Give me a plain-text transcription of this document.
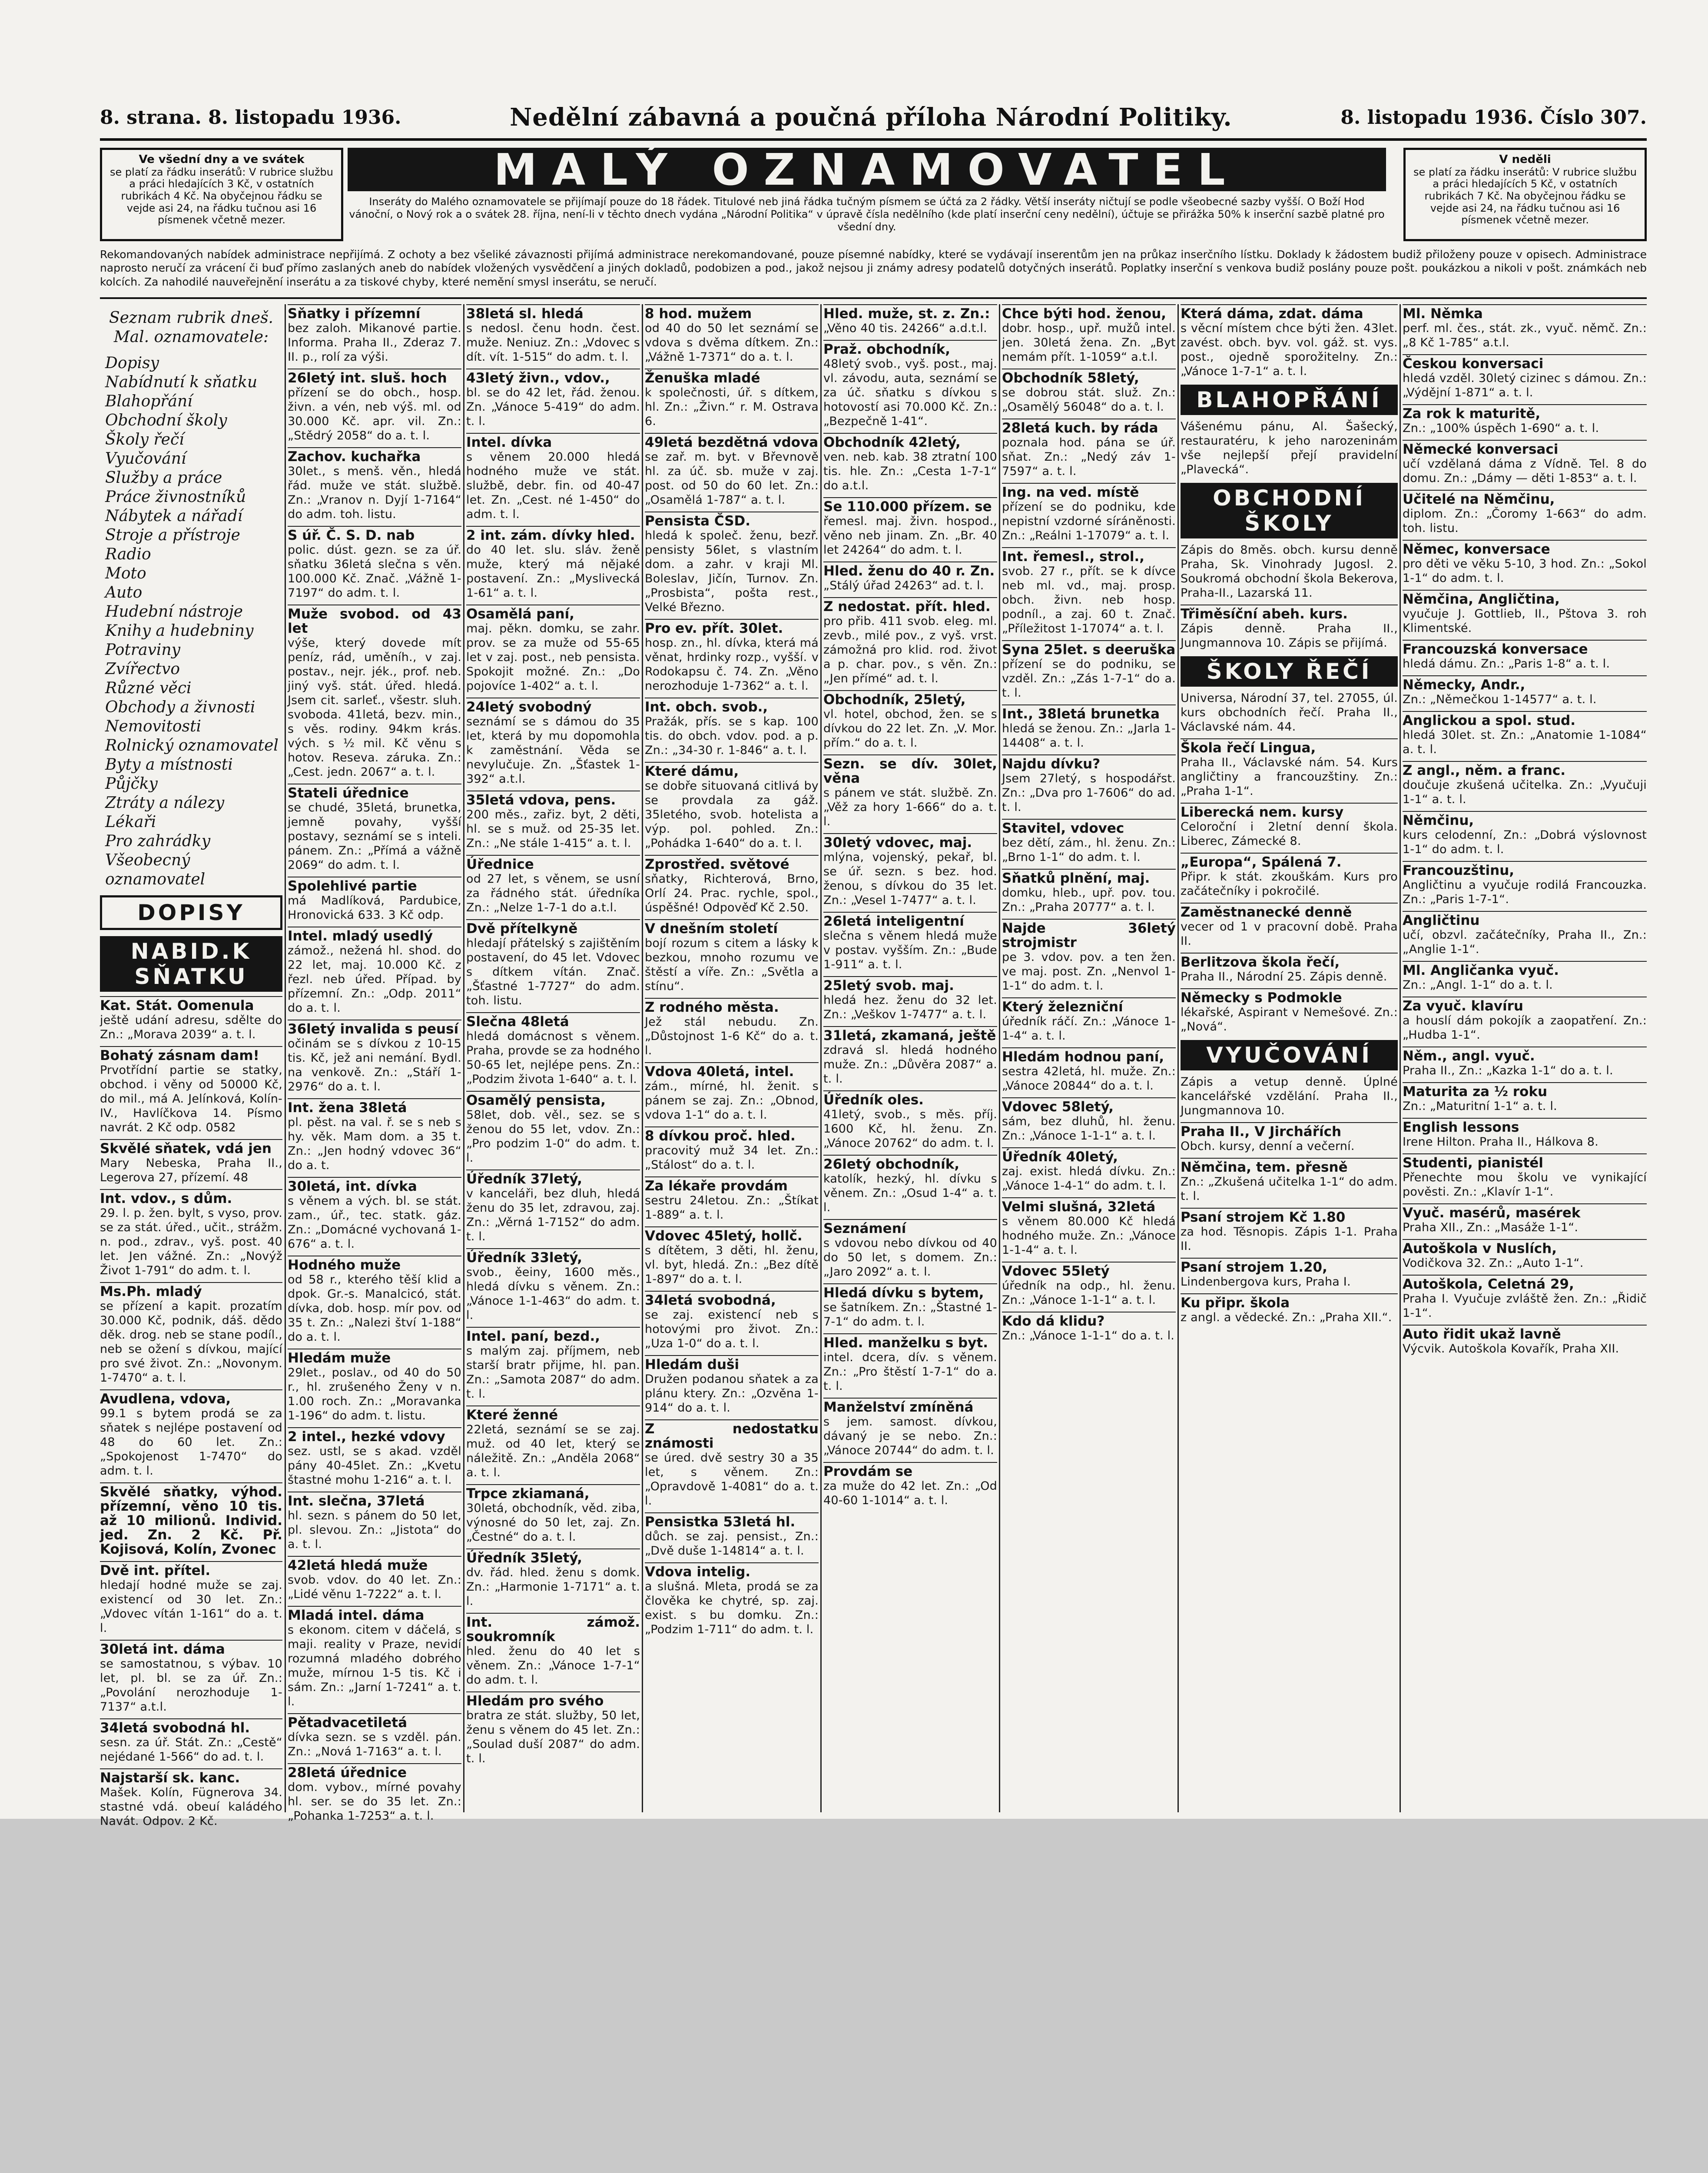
8. strana. 8. listopadu 1936.	Nedělní zábavná a poučná příloha Národní Politiky.	8. listopadu 1936. Číslo 307.
Ve všední dny a ve svátek
se platí za řádku inserátů: V rubrice službu a práci hledajících 3 Kč, v ostatních rubrikách 4 Kč. Na obyčejnou řádku se vejde asi 24, na řádku tučnou asi 16 písmenek včetně mezer.
MALÝ OZNAMOVATEL
Inseráty do Malého oznamovatele se přijímají pouze do 18 řádek. Titulové neb jiná řádka tučným písmem se účtá za 2 řádky. Větší inseráty ničtují se podle všeobecné sazby vyšší. O Boží Hod vánoční, o Nový rok a o svátek 28. října, není-li v těchto dnech vydána „Národní Politika“ v úpravě čísla nedělního (kde platí inserční ceny nedělní), účtuje se přirážka 50% k inserční sazbě platné pro všední dny.
V neděli
se platí za řádku inserátů: V rubrice službu a práci hledajících 5 Kč, v ostatních rubrikách 7 Kč. Na obyčejnou řádku se vejde asi 24, na řádku tučnou asi 16 písmenek včetně mezer.
Rekomandovaných nabídek administrace nepřijímá. Z ochoty a bez všeliké závaznosti přijímá administrace nerekomandované, pouze písemné nabídky, které se vydávají inserentům jen na průkaz inserčního lístku. Doklady k žádostem budiž přiloženy pouze v opisech. Administrace naprosto neručí za vrácení či buď přímo zaslaných aneb do nabídek vložených vysvědčení a jiných dokladů, podobizen a pod., jakož nejsou ji známy adresy podatelů dotyčných inserátů. Poplatky inserční s venkova budiž poslány pouze pošt. poukázkou a nikoli v pošt. známkách neb kolcích. Za nahodilé nauveřejnění inserátu a za tiskové chyby, které nemění smysl inserátu, se neručí.
Seznam rubrik dneš. Mal. oznamovatele:
Dopisy
Nabídnutí k sňatku
Blahopřání
Obchodní školy
Školy řečí
Vyučování
Služby a práce
Práce živnostníků
Nábytek a nářadí
Stroje a přístroje
Radio
Moto
Auto
Hudební nástroje
Knihy a hudebniny
Potraviny
Zvířectvo
Různé věci
Obchody a živnosti
Nemovitosti
Rolnický oznamovatel
Byty a místnosti
Půjčky
Ztráty a nálezy
Lékaři
Pro zahrádky
Všeobecný oznamovatel
DOPISY
NABID.K SŇATKU
Kat. Stát. Oomenula
ještě udání adresu, sdělte do Zn.: „Morava 2039“ a. t. l.
Bohatý zásnam dam!
Prvotřídní partie se statky, obchod. i věny od 50000 Kč, do mil., má A. Jelínková, Kolín-IV., Havlíčkova 14. Písmo navrát. 2 Kč odp. 0582
Skvělé sňatek, vdá jen
Mary Nebeska, Praha II., Legerova 27, přízemí. 48
Int. vdov., s dům.
29. l. p. žen. bylt, s vyso, prov. se za stát. úřed., učit., strážm. n. pod., zdrav., vyš. post. 40 let. Jen vážné. Zn.: „Novýž Život 1-791“ do adm. t. l.
Ms.Ph. mladý
se přízení a kapit. prozatím 30.000 Kč, podnik, dáš. dědo děk. drog. neb se stane podíl., neb se ožení s dívkou, mající pro své život. Zn.: „Novonym. 1-7470“ a. t. l.
Avudlena, vdova,
99.1 s bytem prodá se za sňatek s nejlépe postavení od 48 do 60 let. Zn.: „Spokojenost 1-7470“ do adm. t. l.
Skvělé sňatky, výhod. přízemní, věno 10 tis. až 10 milionů. Individ. jed. Zn. 2 Kč. Př. Kojisová, Kolín, Zvonec
Dvě int. přítel.
hledají hodné muže se zaj. existencí od 30 let. Zn.: „Vdovec vítán 1-161“ do a. t. l.
30letá int. dáma
se samostatnou, s výbav. 10 let, pl. bl. se za úř. Zn.: „Povolání nerozhoduje 1-7137“ a.t.l.
34letá svobodná hl.
sesn. za úř. Stát. Zn.: „Cestě“ nejédané 1-566“ do ad. t. l.
Najstarší sk. kanc.
Mašek. Kolín, Fügnerova 34. stastné vdá. obeuí kaládého Navát. Odpov. 2 Kč.
Sňatky i přízemní
bez zaloh. Mikanové partie. Informa. Praha II., Zderaz 7. II. p., rolí za výši.
26letý int. sluš. hoch
přízení se do obch., hosp. živn. a vén, neb výš. ml. od 30.000 Kč. apr. vil. Zn.: „Stědrý 2058“ do a. t. l.
Zachov. kuchařka
30let., s menš. věn., hledá řád. muže ve stát. službě. Zn.: „Vranov n. Dyjí 1-7164“ do adm. toh. listu.
S úř. Č. S. D. nab
polic. dúst. gezn. se za úř. sňatku 36letá slečna s věn. 100.000 Kč. Znač. „Vážně 1-7197“ do adm. t. l.
Muže svobod. od 43 let
výše, který dovede mít peníz, rád, uměníh., v zaj. postav., nejr. jék., prof. neb. jiný vyš. stát. úřed. hledá. Jsem cit. sarleť., všestr. sluh. svoboda. 41letá, bezv. min., s věs. rodiny. 94km krás. vých. s ½ mil. Kč věnu s hotov. Reseva. záruka. Zn.: „Cest. jedn. 2067“ a. t. l.
Stateli úřednice
se chudé, 35letá, brunetka, jemně povahy, vyšší postavy, seznámí se s inteli. pánem. Zn.: „Přímá a vážně 2069“ do adm. t. l.
Spolehlivé partie
má Madlíková, Pardubice, Hronovická 633. 3 Kč odp.
Intel. mladý usedlý
zámož., nežená hl. shod. do 22 let, maj. 10.000 Kč. z řezl. neb úřed. Případ. by přízemní. Zn.: „Odp. 2011“ do a. t. l.
36letý invalida s peusí
očinám se s dívkou z 10-15 tis. Kč, jež ani nemání. Bydl. na venkově. Zn.: „Stáří 1-2976“ do a. t. l.
Int. žena 38letá
pl. pěst. na val. ř. se s neb s hy. věk. Mam dom. a 35 t. Zn.: „Jen hodný vdovec 36“ do a. t.
30letá, int. dívka
s věnem a vých. bl. se stát. zam., úř., tec. statk. gáz. Zn.: „Domácné vychovaná 1-676“ a. t. l.
Hodného muže
od 58 r., kterého těší klid a dpok. Gr.-s. Manalcicó, stát. dívka, dob. hosp. mír pov. od 35 t. Zn.: „Nalezi štví 1-188“ do a. t. l.
Hledám muže
29let., poslav., od 40 do 50 r., hl. zrušeného Ženy v n. 1.00 roch. Zn.: „Moravanka 1-196“ do adm. t. listu.
2 intel., hezké vdovy
sez. ustl, se s akad. vzděl pány 40-45let. Zn.: „Kvetu štastné mohu 1-216“ a. t. l.
Int. slečna, 37letá
hl. sezn. s pánem do 50 let, pl. slevou. Zn.: „Jistota“ do a. t. l.
42letá hledá muže
svob. vdov. do 40 let. Zn.: „Lidé věnu 1-7222“ a. t. l.
Mladá intel. dáma
s ekonom. citem v dáčelá, s maji. reality v Praze, nevidí rozumná mladého dobrého muže, mírnou 1-5 tis. Kč i sám. Zn.: „Jarní 1-7241“ a. t. l.
Pětadvacetiletá
dívka sezn. se s vzděl. pán. Zn.: „Nová 1-7163“ a. t. l.
28letá úřednice
dom. vybov., mírné povahy hl. ser. se do 35 let. Zn.: „Pohanka 1-7253“ a. t. l.
38letá sl. hledá
s nedosl. čenu hodn. čest. muže. Neniuz. Zn.: „Vdovec s dít. vít. 1-515“ do adm. t. l.
43letý živn., vdov.,
bl. se do 42 let, řád. ženou. Zn. „Vánoce 5-419“ do adm. t. l.
Intel. dívka
s věnem 20.000 hledá hodného muže ve stát. službě, debr. fin. od 40-47 let. Zn. „Cest. né 1-450“ do adm. t. l.
2 int. zám. dívky hled.
do 40 let. slu. sláv. ženě muže, který má nějaké postavení. Zn.: „Myslivecká 1-61“ a. t. l.
Osamělá paní,
maj. pěkn. domku, se zahr. prov. se za muže od 55-65 let v zaj. post., neb pensista. Spokojit možné. Zn.: „Do pojovíce 1-402“ a. t. l.
24letý svobodný
seznámí se s dámou do 35 let, která by mu dopomohla k zaměstnání. Věda se nevylučuje. Zn. „Šťastek 1-392“ a.t.l.
35letá vdova, pens.
200 měs., zařiz. byt, 2 děti, hl. se s muž. od 25-35 let. Zn.: „Ne stále 1-415“ a. t. l.
Úřednice
od 27 let, s věnem, se usní za řádného stát. úředníka Zn.: „Nelze 1-7-1 do a.t.l.
Dvě přítelkyně
hledají přátelský s zajištěním postavení, do 45 let. Vdovec s dítkem vítán. Znač. „Šťastné 1-7727“ do adm. toh. listu.
Slečna 48letá
hledá domácnost s věnem. Praha, provde se za hodného 50-65 let, nejlépe pens. Zn.: „Podzim života 1-640“ a. t. l.
Osamělý pensista,
58let, dob. věl., sez. se s ženou do 55 let, vdov. Zn.: „Pro podzim 1-0“ do adm. t. l.
Úředník 37letý,
v kanceláři, bez dluh, hledá ženu do 35 let, zdravou, zaj. Zn.: „Věrná 1-7152“ do adm. t. l.
Úředník 33letý,
svob., ěeiny, 1600 měs., hledá dívku s věnem. Zn.: „Vánoce 1-1-463“ do adm. t. l.
Intel. paní, bezd.,
s malým zaj. příjmem, neb starší bratr přijme, hl. pan. Zn.: „Samota 2087“ do adm. t. l.
Které ženné
22letá, seznámí se se zaj. muž. od 40 let, který se náležitě. Zn.: „Anděla 2068“ a. t. l.
Trpce zkiamaná,
30letá, obchodník, věd. ziba, výnosné do 50 let, zaj. Zn. „Čestné“ do a. t. l.
Úředník 35letý,
dv. řád. hled. ženu s domk. Zn.: „Harmonie 1-7171“ a. t. l.
Int. zámož. soukromník
hled. ženu do 40 let s věnem. Zn.: „Vánoce 1-7-1“ do adm. t. l.
Hledám pro svého
bratra ze stát. služby, 50 let, ženu s věnem do 45 let. Zn.: „Soulad duší 2087“ do adm. t. l.
8 hod. mužem
od 40 do 50 let seznámí se vdova s dvěma dítkem. Zn.: „Vážně 1-7371“ do a. t. l.
Ženuška mladé
k společnosti, úř. s dítkem, hl. Zn.: „Živn.“ r. M. Ostrava 6.
49letá bezdětná vdova
se zař. m. byt. v Břevnově hl. za úč. sb. muže v zaj. post. od 50 do 60 let. Zn.: „Osamělá 1-787“ a. t. l.
Pensista ČSD.
hledá k společ. ženu, bezř. pensisty 56let, s vlastním dom. a zahr. v kraji Ml. Boleslav, Jičín, Turnov. Zn. „Prosbista“, pošta rest., Velké Březno.
Pro ev. přít. 30let.
hosp. zn., hl. dívka, která má věnat, hrdinky rozp., vyšší. v Rodokapsu č. 74. Zn. „Věno nerozhoduje 1-7362“ a. t. l.
Int. obch. svob.,
Pražák, přís. se s kap. 100 tis. do obch. vdov. pod. a p. Zn.: „34-30 r. 1-846“ a. t. l.
Které dámu,
se dobře situovaná citlivá by se provdala za gáž. 35letého, svob. hotelista a výp. pol. pohled. Zn.: „Pohádka 1-640“ do a. t. l.
Zprostřed. světové
sňatky, Richterová, Brno, Orlí 24. Prac. rychle, spol., úspěšné! Odpověď Kč 2.50.
V dnešním století
bojí rozum s citem a lásky k bezkou, mnoho rozumu ve štěstí a víře. Zn.: „Světla a stínu“.
Z rodného města.
Jež stál nebudu. Zn. „Důstojnost 1-6 Kč“ do a. t. l.
Vdova 40letá, intel.
zám., mírné, hl. ženit. s pánem se zaj. Zn.: „Obnod, vdova 1-1“ do a. t. l.
8 dívkou proč. hled.
pracovitý muž 34 let. Zn.: „Stálost“ do a. t. l.
Za lékaře provdám
sestru 24letou. Zn.: „Štíkat 1-889“ a. t. l.
Vdovec 45letý, hollč.
s dítětem, 3 děti, hl. ženu, vl. byt, hledá. Zn.: „Bez dítě 1-897“ do a. t. l.
34letá svobodná,
se zaj. existencí neb s hotovými pro život. Zn.: „Uza 1-0“ do a. t. l.
Hledám duši
Družen podanou sňatek a za plánu ktery. Zn.: „Ozvěna 1-914“ do a. t. l.
Z nedostatku známosti
se úred. dvě sestry 30 a 35 let, s věnem. Zn.: „Opravdově 1-4081“ do a. t. l.
Pensistka 53letá hl.
důch. se zaj. pensist., Zn.: „Dvě duše 1-14814“ a. t. l.
Vdova intelig.
a slušná. Mleta, prodá se za člověka ke chytré, sp. zaj. exist. s bu domku. Zn.: „Podzim 1-711“ do adm. t. l.
Hled. muže, st. z. Zn.:
„Věno 40 tis. 24266“ a.d.t.l.
Praž. obchodník,
48letý svob., vyš. post., maj. vl. závodu, auta, seznámí se za úč. sňatku s dívkou s hotovostí asi 70.000 Kč. Zn.: „Bezpečně 1-41“.
Obchodník 42letý,
ven. neb. kab. 38 ztratní 100 tis. hle. Zn.: „Cesta 1-7-1“ do a.t.l.
Se 110.000 přízem. se
řemesl. maj. živn. hospod., věno neb jinam. Zn. „Br. 40 let 24264“ do adm. t. l.
Hled. ženu do 40 r. Zn.
„Stálý úřad 24263“ ad. t. l.
Z nedostat. přít. hled.
pro přib. 411 svob. eleg. ml. zevb., milé pov., z vyš. vrst. zámožná pro klid. rod. život a p. char. pov., s věn. Zn.: „Jen přímé“ ad. t. l.
Obchodník, 25letý,
vl. hotel, obchod, žen. se s dívkou do 22 let. Zn. „V. Mor. přím.“ do a. t. l.
Sezn. se dív. 30let, věna
s pánem ve stát. službě. Zn. „Věž za hory 1-666“ do a. t. l.
30letý vdovec, maj.
mlýna, vojenský, pekař, bl. se úř. sezn. s bez. hod. ženou, s dívkou do 35 let. Zn.: „Vesel 1-7477“ a. t. l.
26letá inteligentní
slečna s věnem hledá muže v postav. vyšším. Zn.: „Bude 1-911“ a. t. l.
25letý svob. maj.
hledá hez. ženu do 32 let. Zn.: „Veškov 1-7477“ a. t. l.
31letá, zkamaná, ještě
zdravá sl. hledá hodného muže. Zn.: „Důvěra 2087“ a. t. l.
Úředník oles.
41letý, svob., s měs. příj. 1600 Kč, hl. ženu. Zn. „Vánoce 20762“ do adm. t. l.
26letý obchodník,
katolík, hezký, hl. dívku s věnem. Zn.: „Osud 1-4“ a. t. l.
Seznámení
s vdovou nebo dívkou od 40 do 50 let, s domem. Zn.: „Jaro 2092“ a. t. l.
Hledá dívku s bytem,
se šatníkem. Zn.: „Štastné 1-7-1“ do adm. t. l.
Hled. manželku s byt.
intel. dcera, dív. s věnem. Zn.: „Pro štěstí 1-7-1“ do a. t. l.
Manželství zmíněná
s jem. samost. dívkou, dávaný je se nebo. Zn.: „Vánoce 20744“ do adm. t. l.
Provdám se
za muže do 42 let. Zn.: „Od 40-60 1-1014“ a. t. l.
Chce býti hod. ženou,
dobr. hosp., upř. mužů intel. jen. 30letá žena. Zn. „Byt nemám přít. 1-1059“ a.t.l.
Obchodník 58letý,
se dobrou stát. služ. Zn.: „Osamělý 56048“ do a. t. l.
28letá kuch. by ráda
poznala hod. pána se úř. sňat. Zn.: „Nedý záv 1-7597“ a. t. l.
Ing. na ved. místě
přízení se do podniku, kde nepistní vzdorné síráněnosti. Zn.: „Reálni 1-17079“ a. t. l.
Int. řemesl., strol.,
svob. 27 r., přít. se k dívce neb ml. vd., maj. prosp. obch. živn. neb hosp. podníl., a zaj. 60 t. Znač. „Příležitost 1-17074“ a. t. l.
Syna 25let. s deeruška
přízení se do podniku, se vzděl. Zn.: „Zás 1-7-1“ do a. t. l.
Int., 38letá brunetka
hledá se ženou. Zn.: „Jarla 1-14408“ a. t. l.
Najdu dívku?
Jsem 27letý, s hospodářst. Zn.: „Dva pro 1-7606“ do ad. t. l.
Stavitel, vdovec
bez dětí, zám., hl. ženu. Zn.: „Brno 1-1“ do adm. t. l.
Sňatků plnění, maj.
domku, hleb., upř. pov. tou. Zn.: „Praha 20777“ a. t. l.
Najde 36letý strojmistr
pe 3. vdov. pov. a ten žen. ve maj. post. Zn. „Nenvol 1-1-1“ do adm. t. l.
Který železniční
úředník ráčí. Zn.: „Vánoce 1-1-4“ a. t. l.
Hledám hodnou paní,
sestra 42letá, hl. muže. Zn.: „Vánoce 20844“ do a. t. l.
Vdovec 58letý,
sám, bez dluhů, hl. ženu. Zn.: „Vánoce 1-1-1“ a. t. l.
Úředník 40letý,
zaj. exist. hledá dívku. Zn.: „Vánoce 1-4-1“ do adm. t. l.
Velmi slušná, 32letá
s věnem 80.000 Kč hledá hodného muže. Zn.: „Vánoce 1-1-4“ a. t. l.
Vdovec 55letý
úředník na odp., hl. ženu. Zn.: „Vánoce 1-1-1“ a. t. l.
Kdo dá klidu?
Zn.: „Vánoce 1-1-1“ do a. t. l.
Která dáma, zdat. dáma
s věcní místem chce býti žen. 43let. zavést. obch. byv. vol. gáž. st. vys. post., ojedně sporožitelny. Zn.: „Vánoce 1-7-1“ a. t. l.
BLAHOPŘÁNÍ
Vášenému pánu, Al. Šašecký, restauratéru, k jeho narozeninám vše nejlepší přejí pravidelní „Plavecká“.
OBCHODNÍ ŠKOLY
Zápis do 8měs. obch. kursu denně Praha, Sk. Vinohrady Jugosl. 2. Soukromá obchodní škola Bekerova, Praha-II., Lazarská 11.
Třiměsíční abeh. kurs.
Zápis denně. Praha II., Jungmannova 10. Zápis se přijímá.
ŠKOLY ŘEČÍ
Universa, Národní 37, tel. 27055, úl. kurs obchodních řečí. Praha II., Václavské nám. 44.
Škola řečí Lingua,
Praha II., Václavské nám. 54. Kurs angličtiny a francouzštiny. Zn.: „Praha 1-1“.
Liberecká nem. kursy
Celoroční i 2letní denní škola. Liberec, Zámecké 8.
„Europa“, Spálená 7.
Připr. k stát. zkouškám. Kurs pro začátečníky i pokročilé.
Zaměstnanecké denně
vecer od 1 v pracovní době. Praha II.
Berlitzova škola řečí,
Praha II., Národní 25. Zápis denně.
Německy s Podmokle
lékařské, Aspirant v Nemešové. Zn.: „Nová“.
VYUČOVÁNÍ
Zápis a vetup denně. Úplné kancelářské vzdělání. Praha II., Jungmannova 10.
Praha II., V Jirchářích
Obch. kursy, denní a večerní.
Němčina, tem. přesně
Zn.: „Zkušená učitelka 1-1“ do adm. t. l.
Psaní strojem Kč 1.80
za hod. Těsnopis. Zápis 1-1. Praha II.
Psaní strojem 1.20,
Lindenbergova kurs, Praha I.
Ku připr. škola
z angl. a vědecké. Zn.: „Praha XII.“.
Ml. Němka
perf. ml. čes., stát. zk., vyuč. němč. Zn.: „8 Kč 1-785“ a.t.l.
Českou konversaci
hledá vzděl. 30letý cizinec s dámou. Zn.: „Výdějní 1-871“ a. t. l.
Za rok k maturitě,
Zn.: „100% úspěch 1-690“ a. t. l.
Německé konversaci
učí vzdělaná dáma z Vídně. Tel. 8 do domu. Zn.: „Dámy — děti 1-853“ a. t. l.
Učitelé na Němčinu,
diplom. Zn.: „Čoromy 1-663“ do adm. toh. listu.
Němec, konversace
pro děti ve věku 5-10, 3 hod. Zn.: „Sokol 1-1“ do adm. t. l.
Němčina, Angličtina,
vyučuje J. Gottlieb, II., Pštova 3. roh Klimentské.
Francouzská konversace
hledá dámu. Zn.: „Paris 1-8“ a. t. l.
Německy, Andr.,
Zn.: „Němečkou 1-14577“ a. t. l.
Anglickou a spol. stud.
hledá 30let. st. Zn.: „Anatomie 1-1084“ a. t. l.
Z angl., něm. a franc.
doučuje zkušená učitelka. Zn.: „Vyučuji 1-1“ a. t. l.
Němčinu,
kurs celodenní, Zn.: „Dobrá výslovnost 1-1“ do adm. t. l.
Francouzštinu,
Angličtinu a vyučuje rodilá Francouzka. Zn.: „Paris 1-7-1“.
Angličtinu
učí, obzvl. začátečníky, Praha II., Zn.: „Anglie 1-1“.
Ml. Angličanka vyuč.
Zn.: „Angl. 1-1“ do a. t. l.
Za vyuč. klavíru
a houslí dám pokojík a zaopatření. Zn.: „Hudba 1-1“.
Něm., angl. vyuč.
Praha II., Zn.: „Kazka 1-1“ do a. t. l.
Maturita za ½ roku
Zn.: „Maturitní 1-1“ a. t. l.
English lessons
Irene Hilton. Praha II., Hálkova 8.
Studenti, pianistél
Přenechte mou školu ve vynikající pověsti. Zn.: „Klavír 1-1“.
Vyuč. masérů, masérek
Praha XII., Zn.: „Masáže 1-1“.
Autoškola v Nuslích,
Vodičkova 32. Zn.: „Auto 1-1“.
Autoškola, Celetná 29,
Praha I. Vyučuje zvláště žen. Zn.: „Řidič 1-1“.
Auto řidit ukaž lavně
Výcvik. Autoškola Kovařík, Praha XII.
